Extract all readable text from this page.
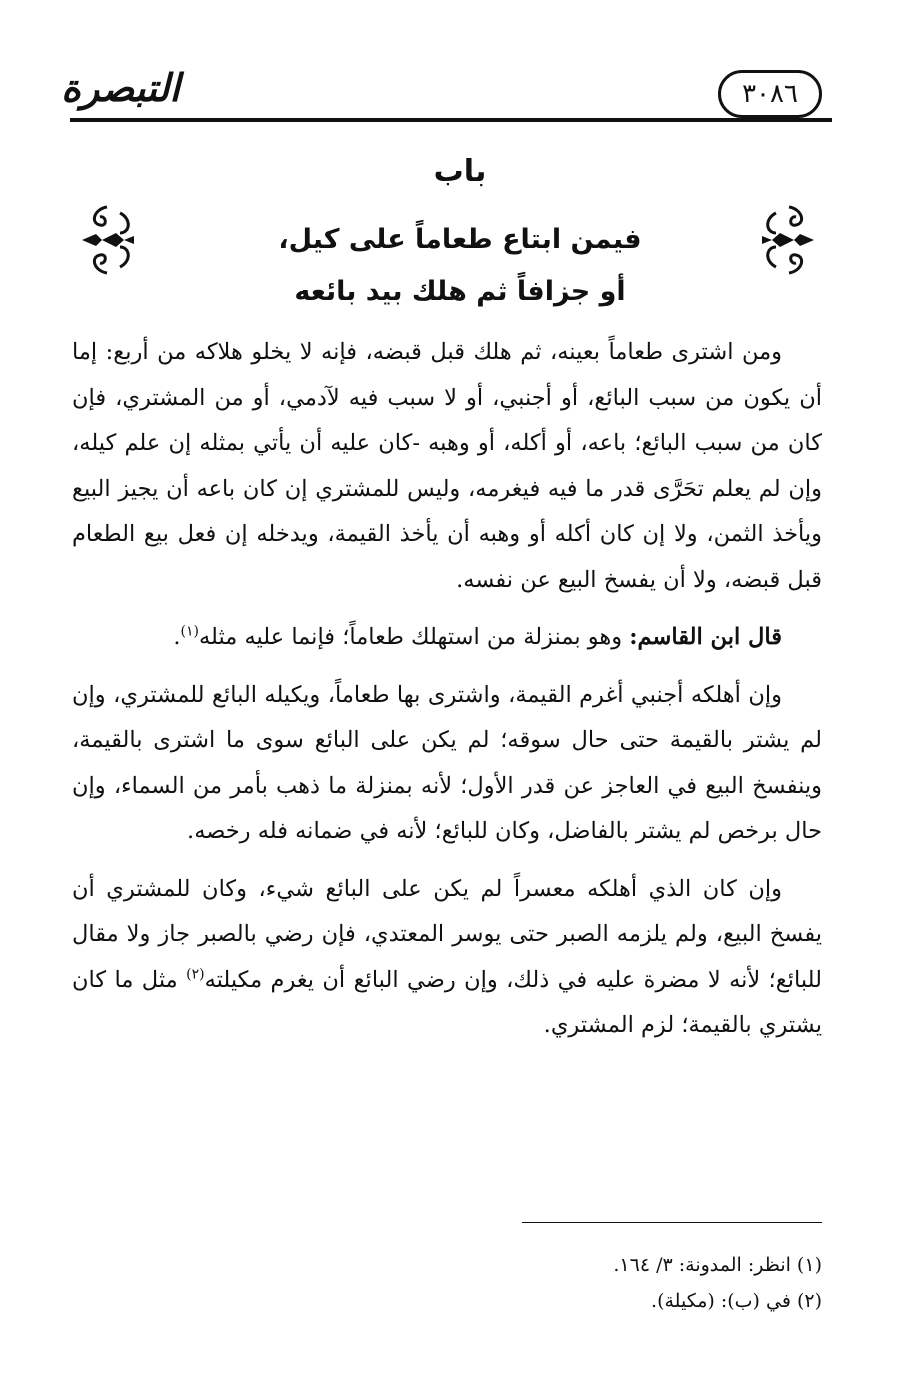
التبصرة	٣٠٨٦
باب
فيمن ابتاع طعاماً على كيل،
أو جزافاً ثم هلك بيد بائعه

ومن اشترى طعاماً بعينه، ثم هلك قبل قبضه، فإنه لا يخلو هلاكه من أربع: إما أن يكون من سبب البائع، أو أجنبي، أو لا سبب فيه لآدمي، أو من المشتري، فإن كان من سبب البائع؛ باعه، أو أكله، أو وهبه -كان عليه أن يأتي بمثله إن علم كيله، وإن لم يعلم تحَرَّى قدر ما فيه فيغرمه، وليس للمشتري إن كان باعه أن يجيز البيع ويأخذ الثمن، ولا إن كان أكله أو وهبه أن يأخذ القيمة، ويدخله إن فعل بيع الطعام قبل قبضه، ولا أن يفسخ البيع عن نفسه.

قال ابن القاسم: وهو بمنزلة من استهلك طعاماً؛ فإنما عليه مثله$^{(١)}$.

وإن أهلكه أجنبي أغرم القيمة، واشترى بها طعاماً، ويكيله البائع للمشتري، وإن لم يشتر بالقيمة حتى حال سوقه؛ لم يكن على البائع سوى ما اشترى بالقيمة، وينفسخ البيع في العاجز عن قدر الأول؛ لأنه بمنزلة ما ذهب بأمر من السماء، وإن حال برخص لم يشتر بالفاضل، وكان للبائع؛ لأنه في ضمانه فله رخصه.

وإن كان الذي أهلكه معسراً لم يكن على البائع شيء، وكان للمشتري أن يفسخ البيع، ولم يلزمه الصبر حتى يوسر المعتدي، فإن رضي بالصبر جاز ولا مقال للبائع؛ لأنه لا مضرة عليه في ذلك، وإن رضي البائع أن يغرم مكيلته$^{(٢)}$ مثل ما كان يشتري بالقيمة؛ لزم المشتري.

(١) انظر: المدونة: ٣/ ١٦٤.
(٢) في (ب): (مكيلة).
